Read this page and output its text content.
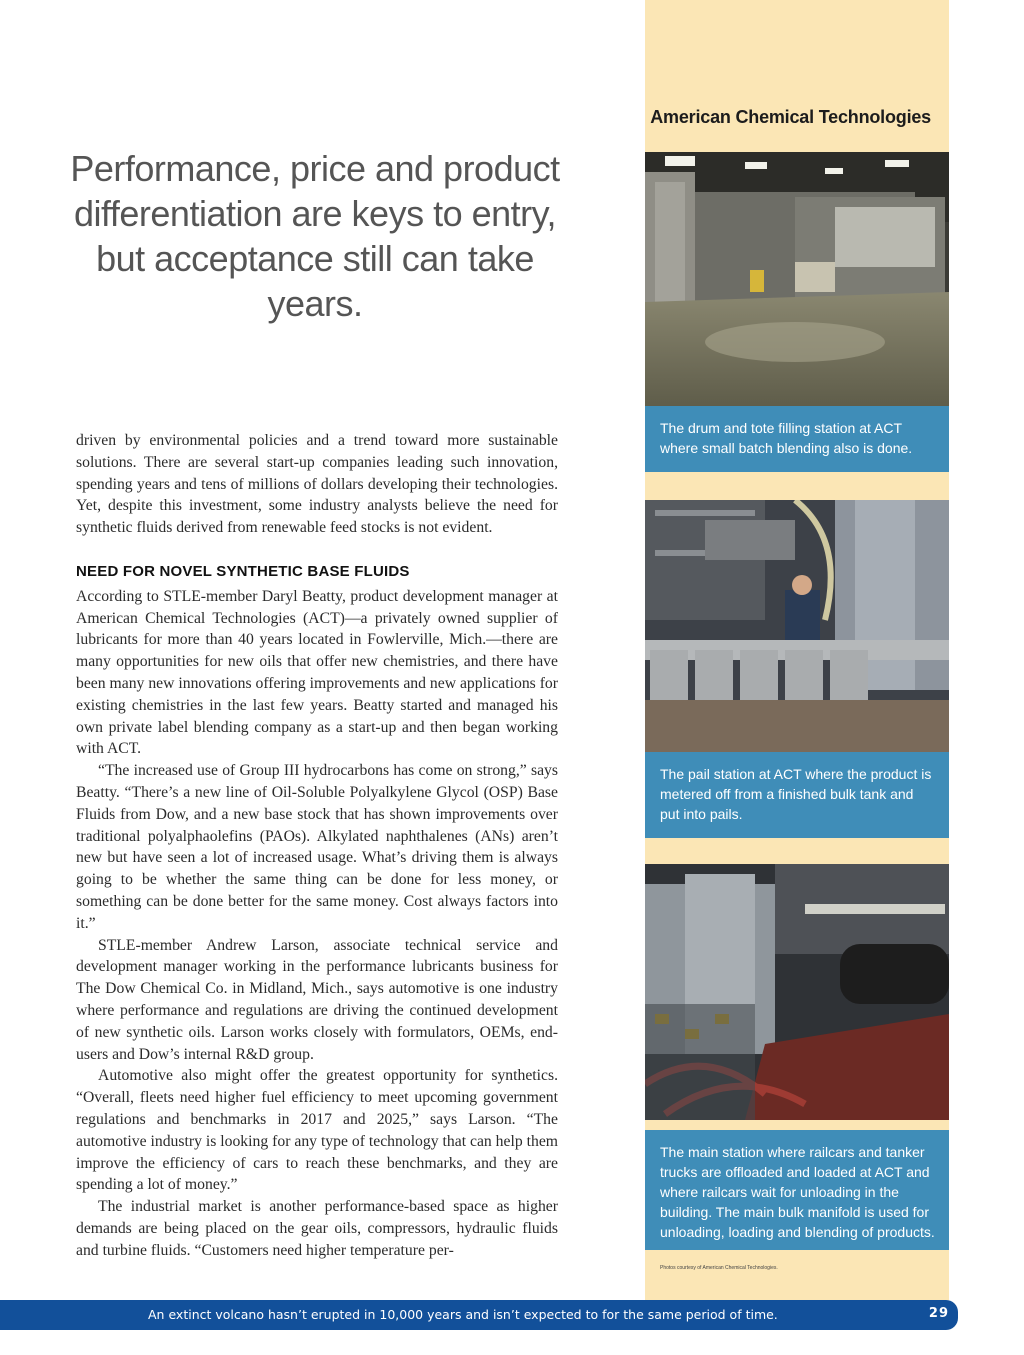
American Chemical Technologies
The drum and tote filling station at ACT where small batch blending also is done.
The pail station at ACT where the product is metered off from a finished bulk tank and put into pails.
The main station where railcars and tanker trucks are offloaded and loaded at ACT and where railcars wait for unloading in the building. The main bulk manifold is used for unloading, loading and blending of products.
Photos courtesy of American Chemical Technologies.
Performance, price and product differentiation are keys to entry, but acceptance still can take years.

driven by environmental policies and a trend toward more sustainable solutions. There are several start-up companies leading such innovation, spending years and tens of millions of dollars developing their technologies. Yet, despite this investment, some industry analysts believe the need for synthetic fluids derived from renewable feed stocks is not evident.

NEED FOR NOVEL SYNTHETIC BASE FLUIDS

According to STLE-member Daryl Beatty, product development manager at American Chemical Technologies (ACT)—a privately owned supplier of lubricants for more than 40 years located in Fowlerville, Mich.—there are many opportunities for new oils that offer new chemistries, and there have been many new innovations offering improvements and new applications for existing chemistries in the last few years. Beatty started and managed his own private label blending company as a start-up and then began working with ACT.

“The increased use of Group III hydrocarbons has come on strong,” says Beatty. “There’s a new line of Oil-Soluble Polyalkylene Glycol (OSP) Base Fluids from Dow, and a new base stock that has shown improvements over traditional polyalphaolefins (PAOs). Alkylated naphthalenes (ANs) aren’t new but have seen a lot of increased usage. What’s driving them is always going to be whether the same thing can be done for less money, or something can be done better for the same money. Cost always factors into it.”

STLE-member Andrew Larson, associate technical service and development manager working in the performance lubricants business for The Dow Chemical Co. in Midland, Mich., says automotive is one industry where performance and regulations are driving the continued development of new synthetic oils. Larson works closely with formulators, OEMs, end-users and Dow’s internal R&D group.

Automotive also might offer the greatest opportunity for synthetics. “Overall, fleets need higher fuel efficiency to meet upcoming government regulations and benchmarks in 2017 and 2025,” says Larson. “The automotive industry is looking for any type of technology that can help them improve the efficiency of cars to reach these benchmarks, and they are spending a lot of money.”

The industrial market is another performance-based space as higher demands are being placed on the gear oils, compressors, hydraulic fluids and turbine fluids. “Customers need higher temperature per-

An extinct volcano hasn’t erupted in 10,000 years and isn’t expected to for the same period of time.	29
